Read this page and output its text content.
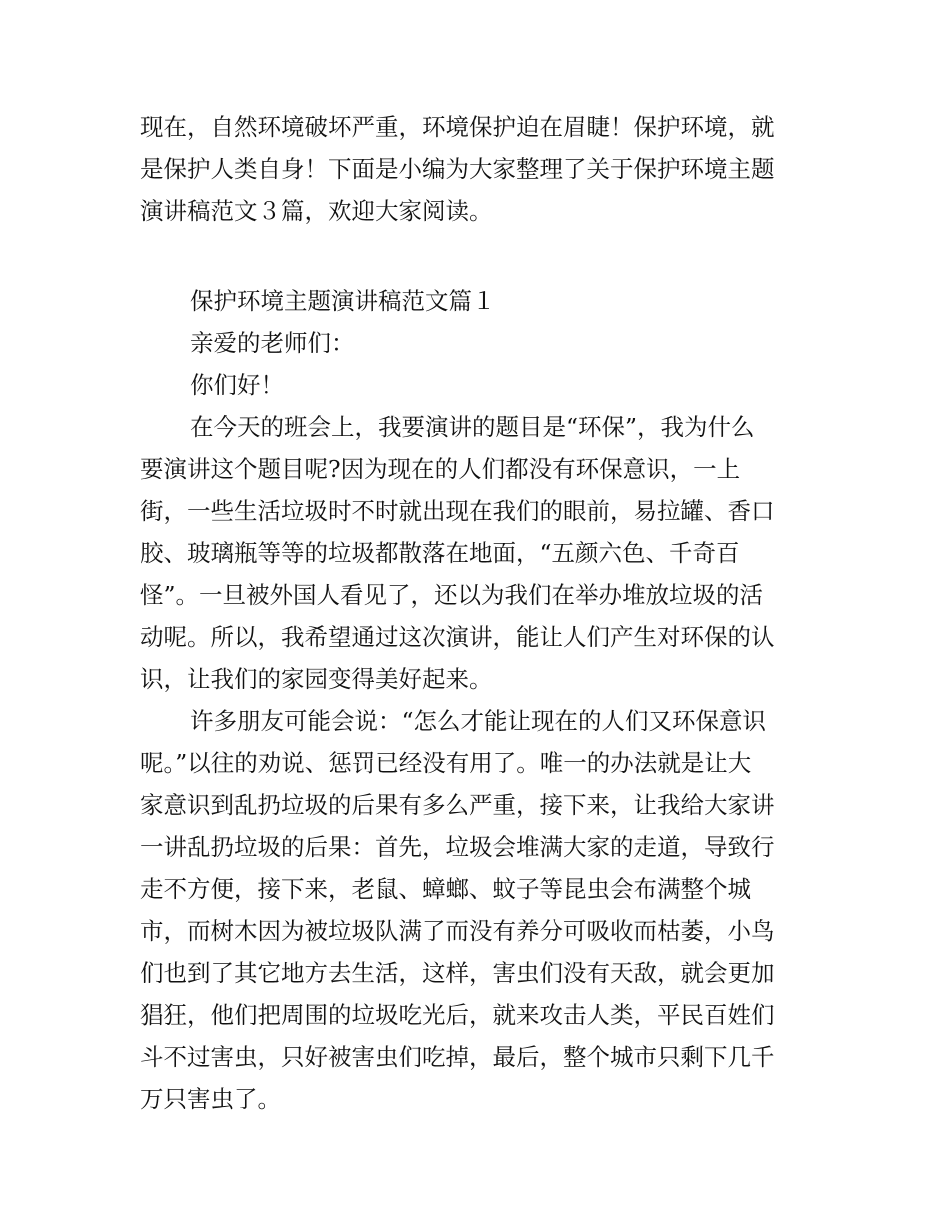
现在，自然环境破坏严重，环境保护迫在眉睫！保护环境，就
是保护人类自身！下面是小编为大家整理了关于保护环境主题
演讲稿范文３篇，欢迎大家阅读。

保护环境主题演讲稿范文篇１

亲爱的老师们：

你们好！

在今天的班会上，我要演讲的题目是“环保”，我为什么
要演讲这个题目呢?因为现在的人们都没有环保意识，一上
街，一些生活垃圾时不时就出现在我们的眼前，易拉罐、香口
胶、玻璃瓶等等的垃圾都散落在地面，“五颜六色、千奇百
怪”。一旦被外国人看见了，还以为我们在举办堆放垃圾的活
动呢。所以，我希望通过这次演讲，能让人们产生对环保的认
识，让我们的家园变得美好起来。

许多朋友可能会说：“怎么才能让现在的人们又环保意识
呢。”以往的劝说、惩罚已经没有用了。唯一的办法就是让大
家意识到乱扔垃圾的后果有多么严重，接下来，让我给大家讲
一讲乱扔垃圾的后果：首先，垃圾会堆满大家的走道，导致行
走不方便，接下来，老鼠、蟑螂、蚊子等昆虫会布满整个城
市，而树木因为被垃圾队满了而没有养分可吸收而枯萎，小鸟
们也到了其它地方去生活，这样，害虫们没有天敌，就会更加
猖狂，他们把周围的垃圾吃光后，就来攻击人类，平民百姓们
斗不过害虫，只好被害虫们吃掉，最后，整个城市只剩下几千
万只害虫了。
